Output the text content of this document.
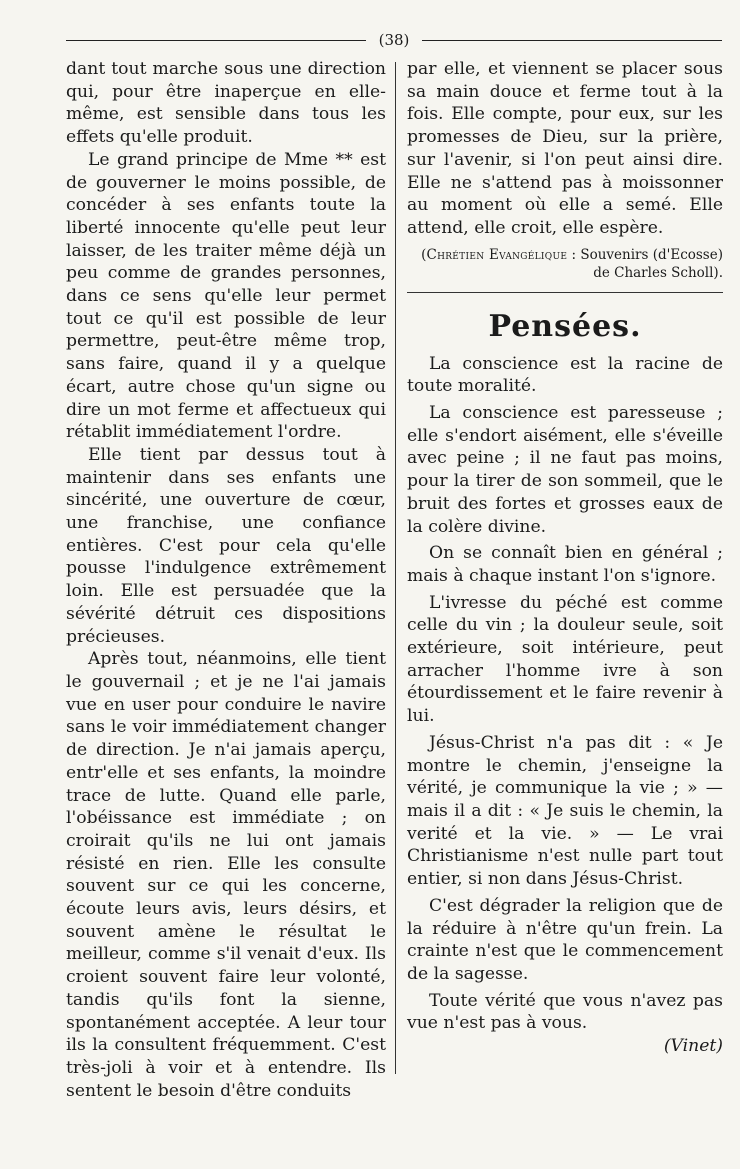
(38)

dant tout marche sous une direction qui, pour être inaperçue en elle-même, est sensible dans tous les effets qu'elle produit.

Le grand principe de Mme ** est de gouverner le moins possible, de concéder à ses enfants toute la liberté innocente qu'elle peut leur laisser, de les traiter même déjà un peu comme de grandes personnes, dans ce sens qu'elle leur permet tout ce qu'il est possible de leur permettre, peut-être même trop, sans faire, quand il y a quelque écart, autre chose qu'un signe ou dire un mot ferme et affectueux qui rétablit immédiatement l'ordre.

Elle tient par dessus tout à maintenir dans ses enfants une sincérité, une ouverture de cœur, une franchise, une confiance entières. C'est pour cela qu'elle pousse l'indulgence extrêmement loin. Elle est persuadée que la sévérité détruit ces dispositions précieuses.

Après tout, néanmoins, elle tient le gouvernail ; et je ne l'ai jamais vue en user pour conduire le navire sans le voir immédiatement changer de direction. Je n'ai jamais aperçu, entr'elle et ses enfants, la moindre trace de lutte. Quand elle parle, l'obéissance est immédiate ; on croirait qu'ils ne lui ont jamais résisté en rien. Elle les consulte souvent sur ce qui les concerne, écoute leurs avis, leurs désirs, et souvent amène le résultat le meilleur, comme s'il venait d'eux. Ils croient souvent faire leur volonté, tandis qu'ils font la sienne, spontanément acceptée. A leur tour ils la consultent fréquemment. C'est très-joli à voir et à entendre. Ils sentent le besoin d'être conduits

par elle, et viennent se placer sous sa main douce et ferme tout à la fois. Elle compte, pour eux, sur les promesses de Dieu, sur la prière, sur l'avenir, si l'on peut ainsi dire. Elle ne s'attend pas à moissonner au moment où elle a semé. Elle attend, elle croit, elle espère.

(Chrétien Evangélique : Souvenirs (d'Ecosse) de Charles Scholl).

Pensées.

La conscience est la racine de toute moralité.

La conscience est paresseuse ; elle s'endort aisément, elle s'éveille avec peine ; il ne faut pas moins, pour la tirer de son sommeil, que le bruit des fortes et grosses eaux de la colère divine.

On se connaît bien en général ; mais à chaque instant l'on s'ignore.

L'ivresse du péché est comme celle du vin ; la douleur seule, soit extérieure, soit intérieure, peut arracher l'homme ivre à son étourdissement et le faire revenir à lui.

Jésus-Christ n'a pas dit : « Je montre le chemin, j'enseigne la vérité, je communique la vie ; » — mais il a dit : « Je suis le chemin, la verité et la vie. » — Le vrai Christianisme n'est nulle part tout entier, si non dans Jésus-Christ.

C'est dégrader la religion que de la réduire à n'être qu'un frein. La crainte n'est que le commencement de la sagesse.

Toute vérité que vous n'avez pas vue n'est pas à vous.

(Vinet)
